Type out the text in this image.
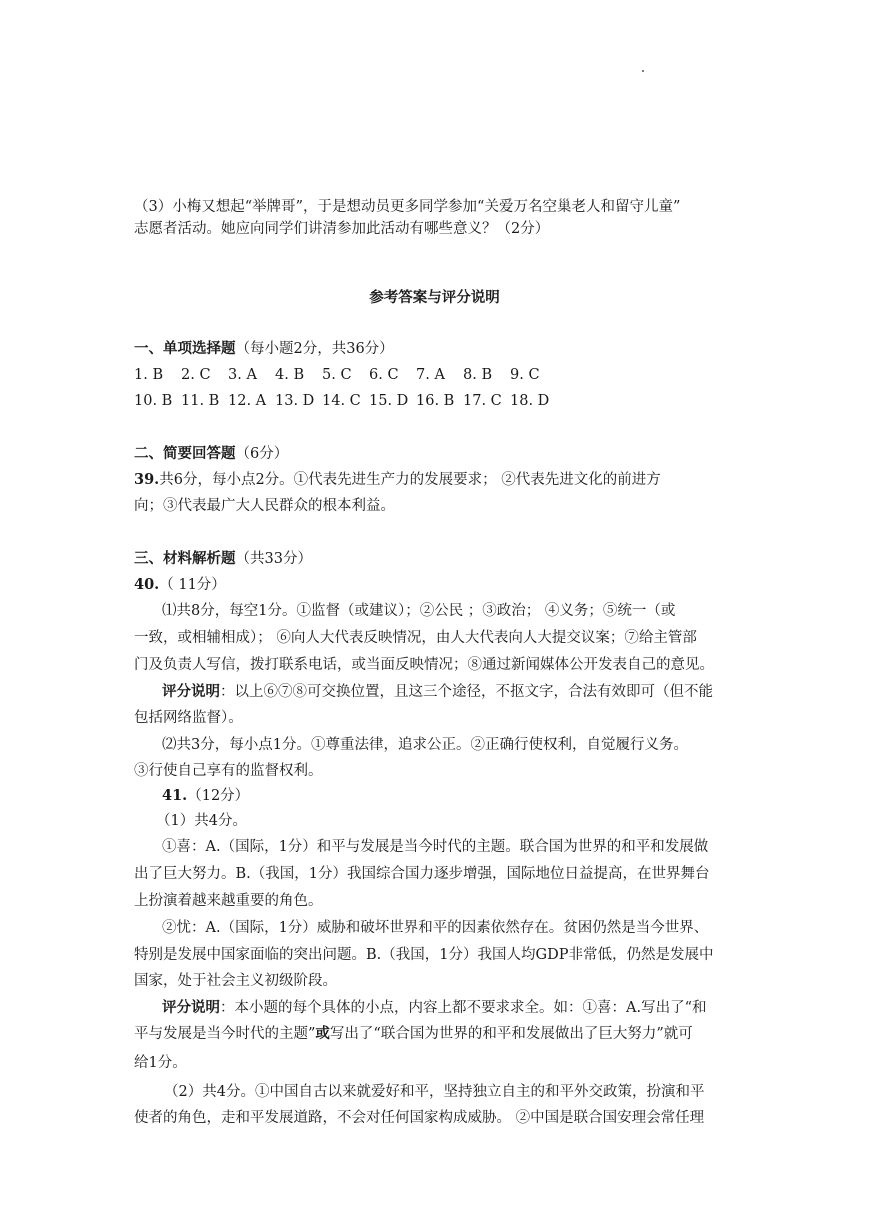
（3）小梅又想起“举牌哥”，于是想动员更多同学参加“关爱万名空巢老人和留守儿童”
志愿者活动。她应向同学们讲清参加此活动有哪些意义？（2分）
参考答案与评分说明
一、单项选择题（每小题2分，共36分）
1. B 2. C 3. A 4. B 5. C 6. C 7. A 8. B 9. C
10. B 11. B 12. A 13. D 14. C 15. D 16. B 17. C 18. D
二、简要回答题（6分）
39.共6分，每小点2分。①代表先进生产力的发展要求； ②代表先进文化的前进方
向；③代表最广大人民群众的根本利益。
三、材料解析题（共33分）
40.（ 11分）
⑴共8分，每空1分。①监督（或建议）；②公民 ；③政治； ④义务；⑤统一（或
一致，或相辅相成）； ⑥向人大代表反映情况，由人大代表向人大提交议案；⑦给主管部
门及负责人写信，拨打联系电话，或当面反映情况；⑧通过新闻媒体公开发表自己的意见。
评分说明：以上⑥⑦⑧可交换位置，且这三个途径，不抠文字，合法有效即可（但不能
包括网络监督）。
⑵共3分，每小点1分。①尊重法律，追求公正。②正确行使权利，自觉履行义务。
③行使自己享有的监督权利。
41.（12分）
（1）共4分。
①喜：A.（国际，1分）和平与发展是当今时代的主题。联合国为世界的和平和发展做
出了巨大努力。B.（我国，1分）我国综合国力逐步增强，国际地位日益提高，在世界舞台
上扮演着越来越重要的角色。
②忧：A.（国际，1分）威胁和破坏世界和平的因素依然存在。贫困仍然是当今世界、
特别是发展中国家面临的突出问题。B.（我国，1分）我国人均GDP非常低，仍然是发展中
国家，处于社会主义初级阶段。
评分说明：本小题的每个具体的小点，内容上都不要求求全。如：①喜：A.写出了“和
平与发展是当今时代的主题”或写出了“联合国为世界的和平和发展做出了巨大努力”就可
给1分。
（2）共4分。①中国自古以来就爱好和平，坚持独立自主的和平外交政策，扮演和平
使者的角色，走和平发展道路，不会对任何国家构成威胁。 ②中国是联合国安理会常任理
